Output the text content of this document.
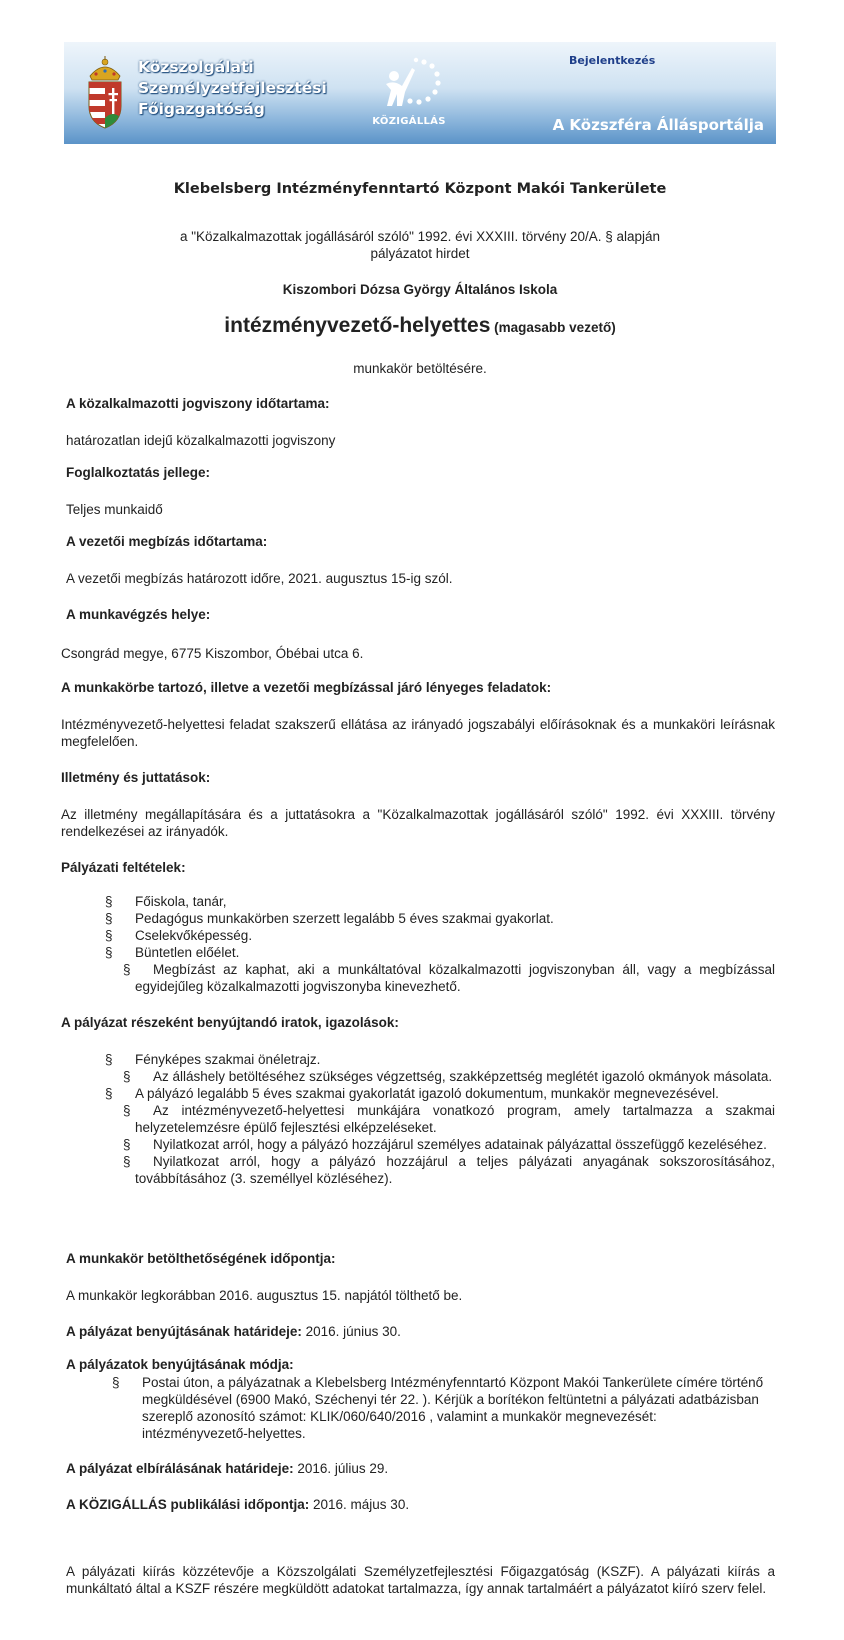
Közszolgálati
Személyzetfejlesztési
Főigazgatóság
KÖZIGÁLLÁS
Bejelentkezés
A Közszféra Állásportálja
Klebelsberg Intézményfenntartó Központ Makói Tankerülete
a "Közalkalmazottak jogállásáról szóló" 1992. évi XXXIII. törvény 20/A. § alapján
pályázatot hirdet
Kiszombori Dózsa György Általános Iskola
intézményvezető-helyettes (magasabb vezető)
munkakör betöltésére.
A közalkalmazotti jogviszony időtartama:
határozatlan idejű közalkalmazotti jogviszony
Foglalkoztatás jellege:
Teljes munkaidő
A vezetői megbízás időtartama:
A vezetői megbízás határozott időre, 2021. augusztus 15-ig szól.
A munkavégzés helye:
Csongrád megye, 6775 Kiszombor, Óbébai utca 6.
A munkakörbe tartozó, illetve a vezetői megbízással járó lényeges feladatok:
Intézményvezető-helyettesi feladat szakszerű ellátása az irányadó jogszabályi előírásoknak és a munkaköri leírásnak megfelelően.
Illetmény és juttatások:
Az illetmény megállapítására és a juttatásokra a "Közalkalmazottak jogállásáról szóló" 1992. évi XXXIII. törvény rendelkezései az irányadók.
Pályázati feltételek:
§ Főiskola, tanár,
§ Pedagógus munkakörben szerzett legalább 5 éves szakmai gyakorlat.
§ Cselekvőképesség.
§ Büntetlen előélet.
§ Megbízást az kaphat, aki a munkáltatóval közalkalmazotti jogviszonyban áll, vagy a megbízással egyidejűleg közalkalmazotti jogviszonyba kinevezhető.
A pályázat részeként benyújtandó iratok, igazolások:
§ Fényképes szakmai önéletrajz.
§ Az álláshely betöltéséhez szükséges végzettség, szakképzettség meglétét igazoló okmányok másolata.
§ A pályázó legalább 5 éves szakmai gyakorlatát igazoló dokumentum, munkakör megnevezésével.
§ Az intézményvezető-helyettesi munkájára vonatkozó program, amely tartalmazza a szakmai helyzetelemzésre épülő fejlesztési elképzeléseket.
§ Nyilatkozat arról, hogy a pályázó hozzájárul személyes adatainak pályázattal összefüggő kezeléséhez.
§ Nyilatkozat arról, hogy a pályázó hozzájárul a teljes pályázati anyagának sokszorosításához, továbbításához (3. személlyel közléséhez).
A munkakör betölthetőségének időpontja:
A munkakör legkorábban 2016. augusztus 15. napjától tölthető be.
A pályázat benyújtásának határideje: 2016. június 30.
A pályázatok benyújtásának módja:
§ Postai úton, a pályázatnak a Klebelsberg Intézményfenntartó Központ Makói Tankerülete címére történő megküldésével (6900 Makó, Széchenyi tér 22. ). Kérjük a borítékon feltüntetni a pályázati adatbázisban szereplő azonosító számot: KLIK/060/640/2016 , valamint a munkakör megnevezését: intézményvezető-helyettes.
A pályázat elbírálásának határideje: 2016. július 29.
A KÖZIGÁLLÁS publikálási időpontja: 2016. május 30.
A pályázati kiírás közzétevője a Közszolgálati Személyzetfejlesztési Főigazgatóság (KSZF). A pályázati kiírás a munkáltató által a KSZF részére megküldött adatokat tartalmazza, így annak tartalmáért a pályázatot kiíró szerv felel.
